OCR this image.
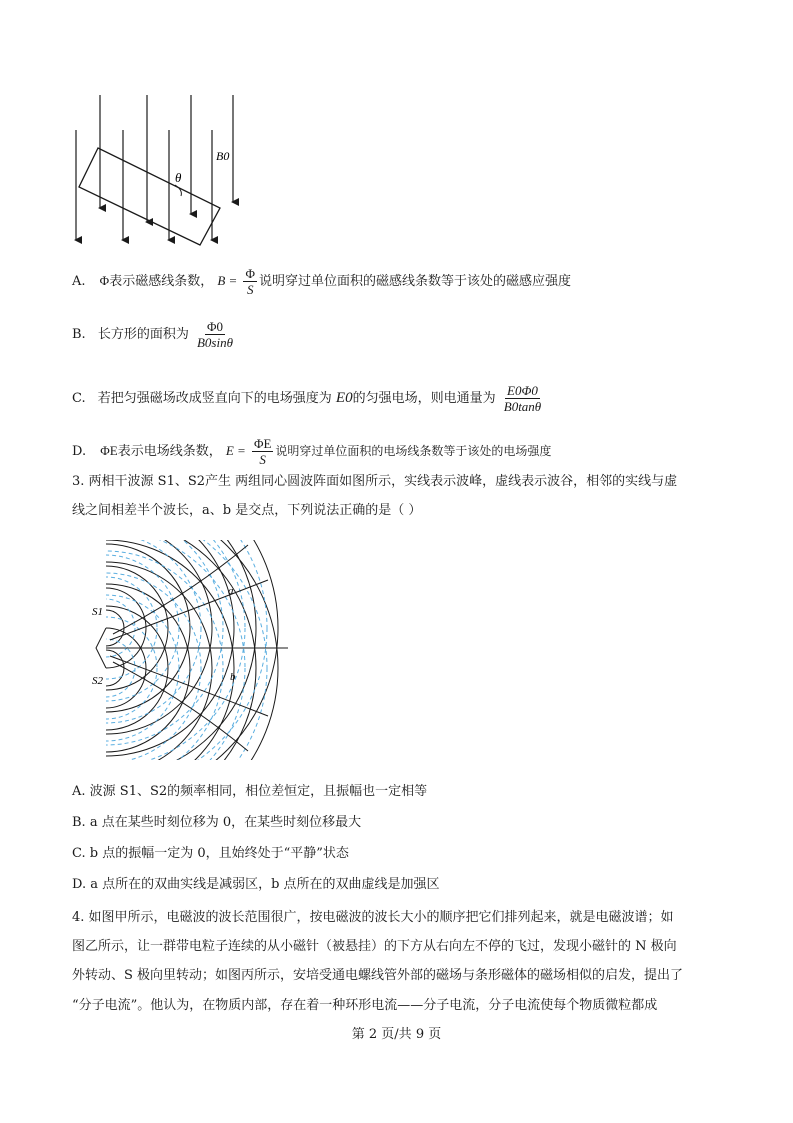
θ
B0
A. Φ表示磁感线条数， $B = \frac{\Phi}{S}$ 说明穿过单位面积的磁感线条数等于该处的磁感应强度
B. 长方形的面积为 $\frac{\Phi 0}{B0\sin\theta}$
C. 若把匀强磁场改成竖直向下的电场强度为 E0的匀强电场，则电通量为 $\frac{E0\Phi 0}{B0\tan\theta}$
D. ΦE表示电场线条数， $E = \frac{\Phi E}{S}$ 说明穿过单位面积的电场线条数等于该处的电场强度
3. 两相干波源 S1、S2产生 两组同心圆波阵面如图所示，实线表示波峰，虚线表示波谷，相邻的实线与虚
线之间相差半个波长，a、b 是交点，下列说法正确的是（ ）
S1
S2
a
b
A. 波源 S1、S2的频率相同，相位差恒定，且振幅也一定相等
B. a 点在某些时刻位移为 0，在某些时刻位移最大
C. b 点的振幅一定为 0，且始终处于“平静”状态
D. a 点所在的双曲实线是减弱区，b 点所在的双曲虚线是加强区
4. 如图甲所示，电磁波的波长范围很广，按电磁波的波长大小的顺序把它们排列起来，就是电磁波谱；如
图乙所示，让一群带电粒子连续的从小磁针（被悬挂）的下方从右向左不停的飞过，发现小磁针的 N 极向
外转动、S 极向里转动；如图丙所示，安培受通电螺线管外部的磁场与条形磁体的磁场相似的启发，提出了
“分子电流”。他认为，在物质内部，存在着一种环形电流——分子电流，分子电流使每个物质微粒都成
第 2 页/共 9 页
